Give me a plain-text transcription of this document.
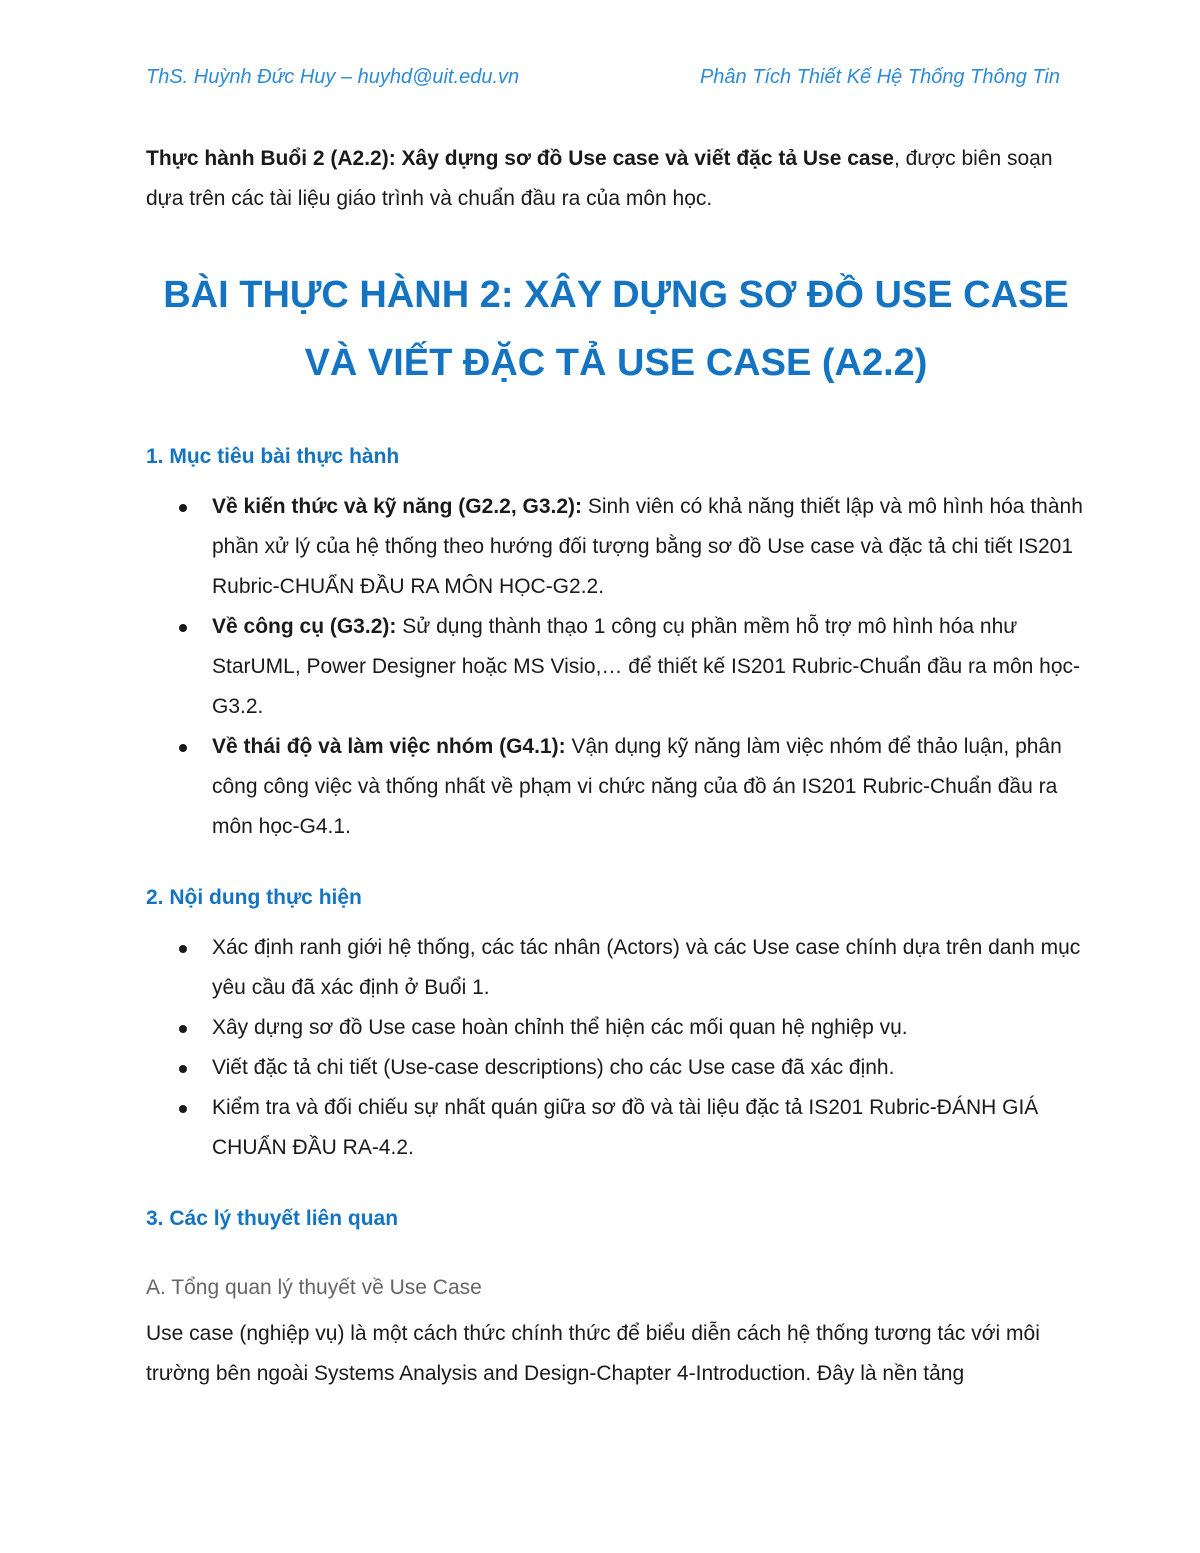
ThS. Huỳnh Đức Huy – huyhd@uit.edu.vn	Phân Tích Thiết Kế Hệ Thống Thông Tin

Thực hành Buổi 2 (A2.2): Xây dựng sơ đồ Use case và viết đặc tả Use case, được biên soạn dựa trên các tài liệu giáo trình và chuẩn đầu ra của môn học.

BÀI THỰC HÀNH 2: XÂY DỰNG SƠ ĐỒ USE CASE
VÀ VIẾT ĐẶC TẢ USE CASE (A2.2)
1. Mục tiêu bài thực hành
Về kiến thức và kỹ năng (G2.2, G3.2): Sinh viên có khả năng thiết lập và mô hình hóa thành phần xử lý của hệ thống theo hướng đối tượng bằng sơ đồ Use case và đặc tả chi tiết IS201 Rubric-CHUẨN ĐẦU RA MÔN HỌC-G2.2.
Về công cụ (G3.2): Sử dụng thành thạo 1 công cụ phần mềm hỗ trợ mô hình hóa như StarUML, Power Designer hoặc MS Visio,… để thiết kế IS201 Rubric-Chuẩn đầu ra môn học-G3.2.
Về thái độ và làm việc nhóm (G4.1): Vận dụng kỹ năng làm việc nhóm để thảo luận, phân công công việc và thống nhất về phạm vi chức năng của đồ án IS201 Rubric-Chuẩn đầu ra môn học-G4.1.
2. Nội dung thực hiện
Xác định ranh giới hệ thống, các tác nhân (Actors) và các Use case chính dựa trên danh mục yêu cầu đã xác định ở Buổi 1.
Xây dựng sơ đồ Use case hoàn chỉnh thể hiện các mối quan hệ nghiệp vụ.
Viết đặc tả chi tiết (Use-case descriptions) cho các Use case đã xác định.
Kiểm tra và đối chiếu sự nhất quán giữa sơ đồ và tài liệu đặc tả IS201 Rubric-ĐÁNH GIÁ CHUẨN ĐẦU RA-4.2.
3. Các lý thuyết liên quan

A. Tổng quan lý thuyết về Use Case

Use case (nghiệp vụ) là một cách thức chính thức để biểu diễn cách hệ thống tương tác với môi trường bên ngoài Systems Analysis and Design-Chapter 4-Introduction. Đây là nền tảng
